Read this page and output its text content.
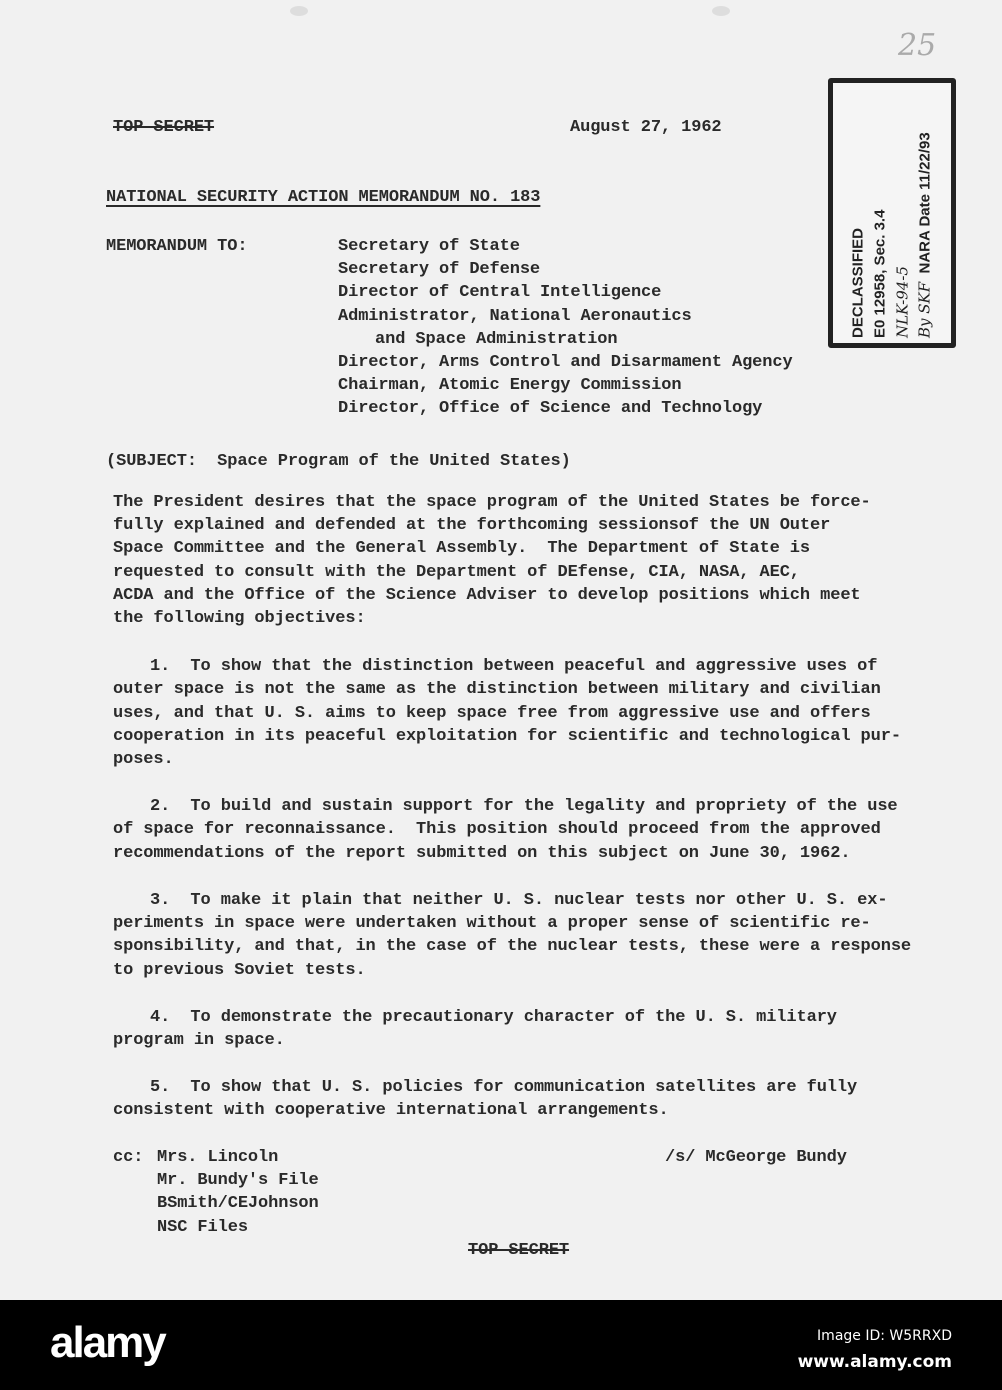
25
TOP SECRET	August 27, 1962
NATIONAL SECURITY ACTION MEMORANDUM NO. 183
MEMORANDUM TO:	Secretary of State
Secretary of Defense
Director of Central Intelligence
Administrator, National Aeronautics
and Space Administration
Director, Arms Control and Disarmament Agency
Chairman, Atomic Energy Commission
Director, Office of Science and Technology
(SUBJECT:  Space Program of the United States)
The President desires that the space program of the United States be force-
fully explained and defended at the forthcoming sessionsof the UN Outer
Space Committee and the General Assembly.  The Department of State is
requested to consult with the Department of DEfense, CIA, NASA, AEC,
ACDA and the Office of the Science Adviser to develop positions which meet
the following objectives:
1.  To show that the distinction between peaceful and aggressive uses of
outer space is not the same as the distinction between military and civilian
uses, and that U. S. aims to keep space free from aggressive use and offers
cooperation in its peaceful exploitation for scientific and technological pur-
poses.
2.  To build and sustain support for the legality and propriety of the use
of space for reconnaissance.  This position should proceed from the approved
recommendations of the report submitted on this subject on June 30, 1962.
3.  To make it plain that neither U. S. nuclear tests nor other U. S. ex-
periments in space were undertaken without a proper sense of scientific re-
sponsibility, and that, in the case of the nuclear tests, these were a response
to previous Soviet tests.
4.  To demonstrate the precautionary character of the U. S. military
program in space.
5.  To show that U. S. policies for communication satellites are fully
consistent with cooperative international arrangements.
cc: Mrs. Lincoln
Mr. Bundy's File
BSmith/CEJohnson
NSC Files
/s/ McGeorge Bundy
TOP SECRET
DECLASSIFIED E0 12958, Sec. 3.4 NLK-94-5 By SKF  NARA Date 11/22/93
alamy	Image ID: W5RRXD
www.alamy.com
